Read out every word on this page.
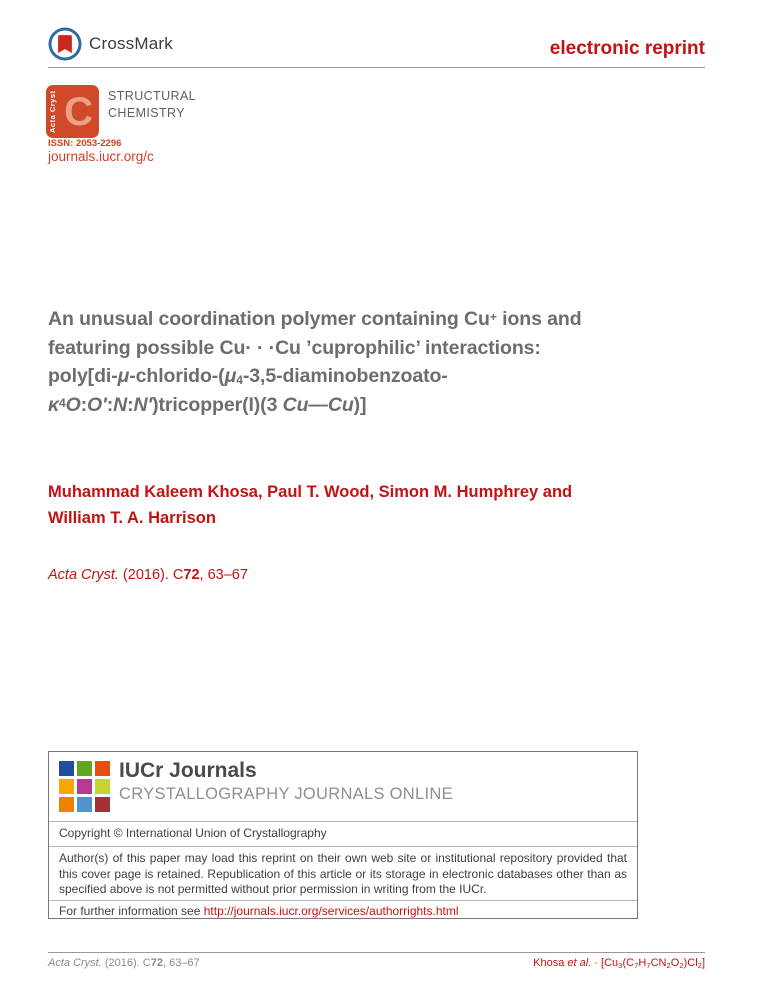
CrossMark	electronic reprint
Acta Cryst C STRUCTURAL
CHEMISTRY
ISSN: 2053-2296
journals.iucr.org/c
An unusual coordination polymer containing Cu+ ions and
featuring possible Cu· · ·Cu ’cuprophilic’ interactions:
$poly[di-\mu-chlorido-(\mu_4-3,5-diaminobenzoato-$
$\kappa^4O:O':N:N')tricopper(I)(3$ Cu—Cu)]
Muhammad Kaleem Khosa, Paul T. Wood, Simon M. Humphrey and
William T. A. Harrison
Acta Cryst. (2016). C72, 63–67
IUCr Journals
CRYSTALLOGRAPHY JOURNALS ONLINE
Copyright © International Union of Crystallography
Author(s) of this paper may load this reprint on their own web site or institutional repository provided that this cover page is retained. Republication of this article or its storage in electronic databases other than as specified above is not permitted without prior permission in writing from the IUCr.
For further information see http://journals.iucr.org/services/authorrights.html
Acta Cryst. (2016). C72, 63–67	Khosa et al. · $[Cu_3(C_7H_7CN_2O_2)Cl_2]$
